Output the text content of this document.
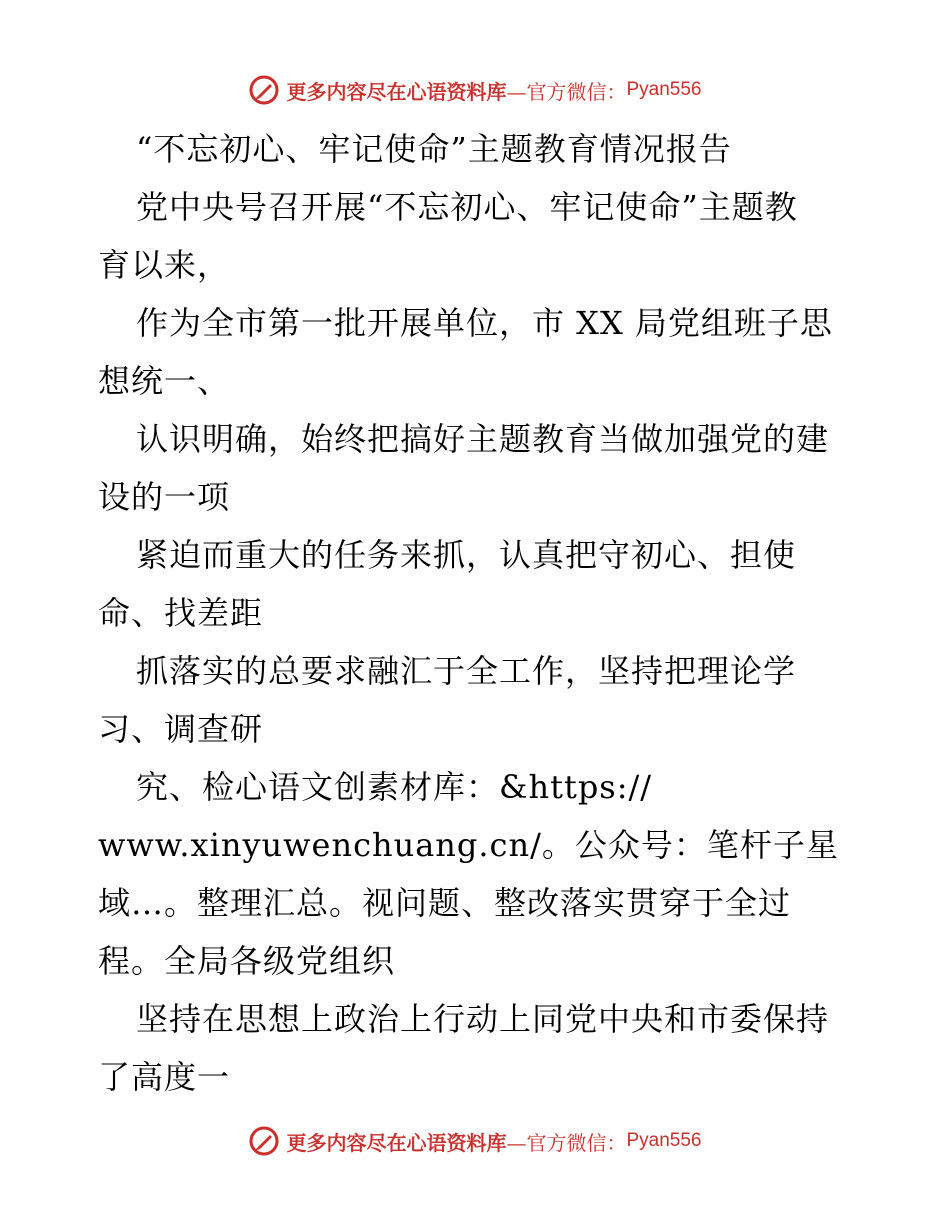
更多内容尽在心语资料库 —官方微信： Pyan556
“不忘初心、牢记使命”主题教育情况报告
党中央号召开展“不忘初心、牢记使命”主题教
育以来，
作为全市第一批开展单位，市 XX 局党组班子思
想统一、
认识明确，始终把搞好主题教育当做加强党的建
设的一项
紧迫而重大的任务来抓，认真把守初心、担使
命、找差距
抓落实的总要求融汇于全工作，坚持把理论学
习、调查研
究、检心语文创素材库：&https://
www.xinyuwenchuang.cn/。公众号：笔杆子星
域…。整理汇总。视问题、整改落实贯穿于全过
程。全局各级党组织
坚持在思想上政治上行动上同党中央和市委保持
了高度一
更多内容尽在心语资料库 —官方微信： Pyan556
